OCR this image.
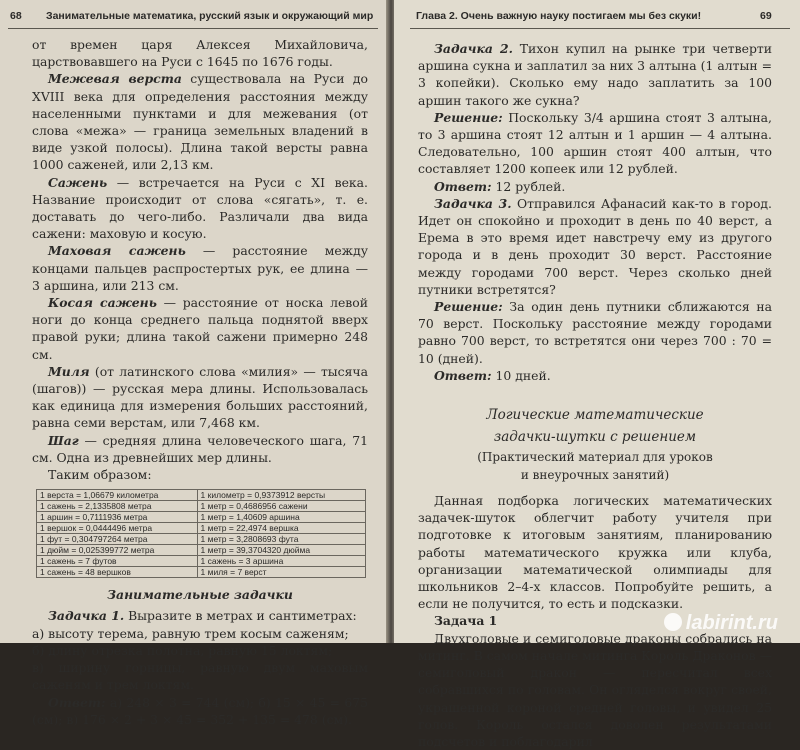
68 Занимательные математика, русский язык и окружающий мир

от времен царя Алексея Михайловича, царствовавшего на Руси с 1645 по 1676 годы.

Межевая верста существовала на Руси до XVIII века для определения расстояния между населенными пунктами и для межевания (от слова «межа» — граница земельных владений в виде узкой полосы). Длина такой версты равна 1000 саженей, или 2,13 км.

Сажень — встречается на Руси с XI века. Название происходит от слова «сягать», т. е. доставать до чего-либо. Различали два вида сажени: маховую и косую.

Маховая сажень — расстояние между концами пальцев распростертых рук, ее длина — 3 аршина, или 213 см.

Косая сажень — расстояние от носка левой ноги до конца среднего пальца поднятой вверх правой руки; длина такой сажени примерно 248 см.

Миля (от латинского слова «милия» — тысяча (шагов)) — русская мера длины. Использовалась как единица для измерения больших расстояний, равна семи верстам, или 7,468 км.

Шаг — средняя длина человеческого шага, 71 см. Одна из древнейших мер длины.

Таким образом:

1 верста = 1,06679 километра	1 километр = 0,9373912 версты
1 сажень = 2,1335808 метра	1 метр = 0,4686956 сажени
1 аршин = 0,7111936 метра	1 метр = 1,40609 аршина
1 вершок = 0,0444496 метра	1 метр = 22,4974 вершка
1 фут = 0,304797264 метра	1 метр = 3,2808693 фута
1 дюйм = 0,025399772 метра	1 метр = 39,3704320 дюйма
1 сажень = 7 футов	1 сажень = 3 аршина
1 сажень = 48 вершков	1 миля = 7 верст
Занимательные задачки

Задачка 1. Выразите в метрах и сантиметрах:

а) высоту терема, равную трем косым саженям;

б) длину отрезка полотна, равную 15 локтям;

в) ширину горницы, равную двум маховым саженям и трем локтям.

Ответ: а) 248 × 3 = 744 (см); б) 15 × 45 = 675 (см); в) 176 × 2 + 3 × 45 = 352 + 135 = 478 (см).

Глава 2. Очень важную науку постигаем мы без скуки!	69

Задачка 2. Тихон купил на рынке три четверти аршина сукна и заплатил за них 3 алтына (1 алтын = 3 копейки). Сколько ему надо заплатить за 100 аршин такого же сукна?

Решение: Поскольку 3/4 аршина стоят 3 алтына, то 3 аршина стоят 12 алтын и 1 аршин — 4 алтына. Следовательно, 100 аршин стоят 400 алтын, что составляет 1200 копеек или 12 рублей.

Ответ: 12 рублей.

Задачка 3. Отправился Афанасий как-то в город. Идет он спокойно и проходит в день по 40 верст, а Ерема в это время идет навстречу ему из другого города и в день проходит 30 верст. Расстояние между городами 700 верст. Через сколько дней путники встретятся?

Решение: За один день путники сближаются на 70 верст. Поскольку расстояние между городами равно 700 верст, то встретятся они через 700 : 70 = 10 (дней).

Ответ: 10 дней.

Логические математические
задачки-шутки с решением
(Практический материал для уроков
и внеурочных занятий)

Данная подборка логических математических задачек-шуток облегчит работу учителя при подготовке к итоговым занятиям, планированию работы математического кружка или клуба, организации математической олимпиады для школьников 2–4-х классов. Попробуйте решить, а если не получится, то есть и подсказки.

Задача 1

Двухголовые и семиголовые драконы собрались на митинг. В самом начале митинга Король Драконов — семиголовый дракон — пересчитал всех собравшихся по головам. Он огляделся вокруг своей, украшенной короной средней головы, и увидел 25 голов. Король остался доволен результатами подсчетов и поблагодарил

labirint.ru
